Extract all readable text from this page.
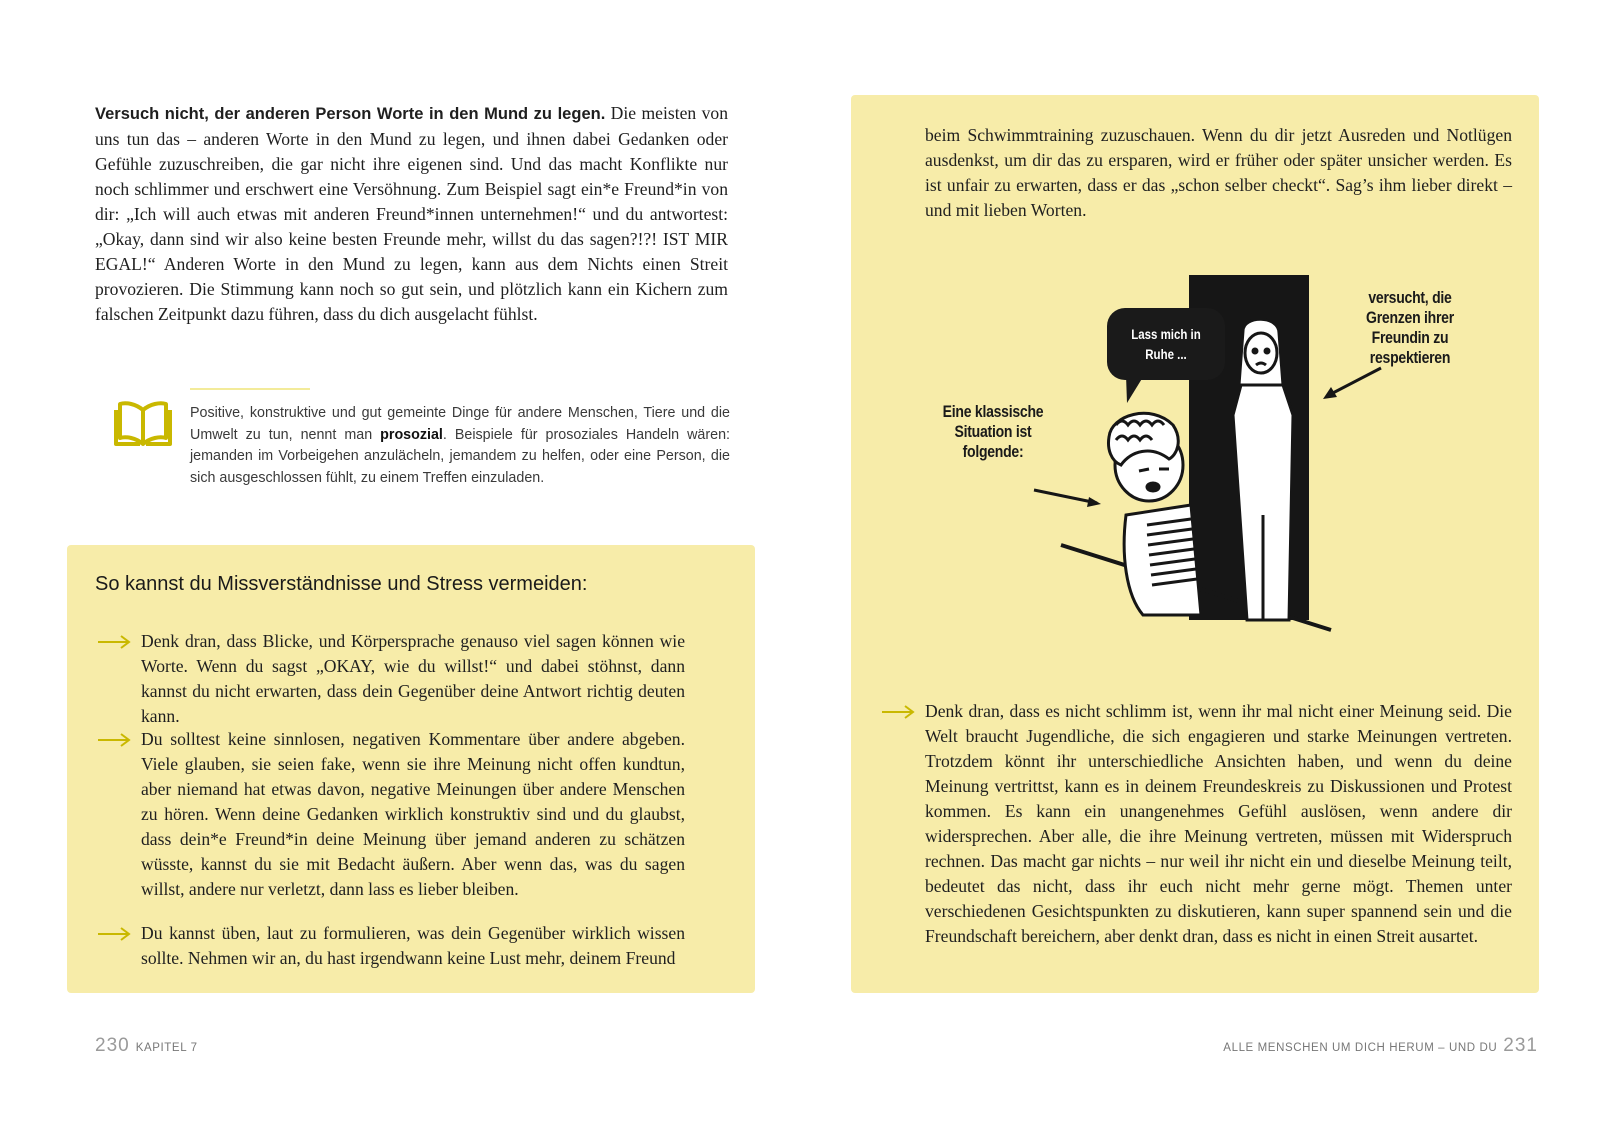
Versuch nicht, der anderen Person Worte in den Mund zu legen. Die meisten von uns tun das – anderen Worte in den Mund zu legen, und ihnen dabei Gedanken oder Gefühle zuzuschreiben, die gar nicht ihre eigenen sind. Und das macht Konflikte nur noch schlimmer und erschwert eine Versöhnung. Zum Beispiel sagt ein*e Freund*in von dir: „Ich will auch etwas mit anderen Freund*innen unternehmen!“ und du antwortest: „Okay, dann sind wir also keine besten Freunde mehr, willst du das sagen?!?! IST MIR EGAL!“ Anderen Worte in den Mund zu legen, kann aus dem Nichts einen Streit provozieren. Die Stimmung kann noch so gut sein, und plötzlich kann ein Kichern zum falschen Zeitpunkt dazu führen, dass du dich ausgelacht fühlst.
Positive, konstruktive und gut gemeinte Dinge für andere Menschen, Tiere und die Umwelt zu tun, nennt man prosozial. Beispiele für prosoziales Handeln wären: jemanden im Vorbeigehen anzulächeln, jemandem zu helfen, oder eine Person, die sich ausgeschlossen fühlt, zu einem Treffen einzuladen.
So kannst du Missverständnisse und Stress vermeiden:
Denk dran, dass Blicke, und Körpersprache genauso viel sagen können wie Worte. Wenn du sagst „OKAY, wie du willst!“ und dabei stöhnst, dann kannst du nicht erwarten, dass dein Gegenüber deine Antwort richtig deuten kann.
Du solltest keine sinnlosen, negativen Kommentare über andere abgeben. Viele glauben, sie seien fake, wenn sie ihre Meinung nicht offen kundtun, aber niemand hat etwas davon, negative Meinungen über andere Menschen zu hören. Wenn deine Gedanken wirklich konstruktiv sind und du glaubst, dass dein*e Freund*in deine Meinung über jemand anderen zu schätzen wüsste, kannst du sie mit Bedacht äußern. Aber wenn das, was du sagen willst, andere nur verletzt, dann lass es lieber bleiben.
Du kannst üben, laut zu formulieren, was dein Gegenüber wirklich wissen sollte. Nehmen wir an, du hast irgendwann keine Lust mehr, deinem Freund
230 KAPITEL 7
beim Schwimmtraining zuzuschauen. Wenn du dir jetzt Ausreden und Notlügen ausdenkst, um dir das zu ersparen, wird er früher oder später unsicher werden. Es ist unfair zu erwarten, dass er das „schon selber checkt“. Sag’s ihm lieber direkt – und mit lieben Worten.
Lass mich in Ruhe ...
Eine klassische Situation ist folgende:
versucht, die Grenzen ihrer Freundin zu respektieren
Denk dran, dass es nicht schlimm ist, wenn ihr mal nicht einer Meinung seid. Die Welt braucht Jugendliche, die sich engagieren und starke Meinungen vertreten. Trotzdem könnt ihr unterschiedliche Ansichten haben, und wenn du deine Meinung vertrittst, kann es in deinem Freundeskreis zu Diskussionen und Protest kommen. Es kann ein unangenehmes Gefühl auslösen, wenn andere dir widersprechen. Aber alle, die ihre Meinung vertreten, müssen mit Widerspruch rechnen. Das macht gar nichts – nur weil ihr nicht ein und dieselbe Meinung teilt, bedeutet das nicht, dass ihr euch nicht mehr gerne mögt. Themen unter verschiedenen Gesichtspunkten zu diskutieren, kann super spannend sein und die Freundschaft bereichern, aber denkt dran, dass es nicht in einen Streit ausartet.
ALLE MENSCHEN UM DICH HERUM – UND DU 231
